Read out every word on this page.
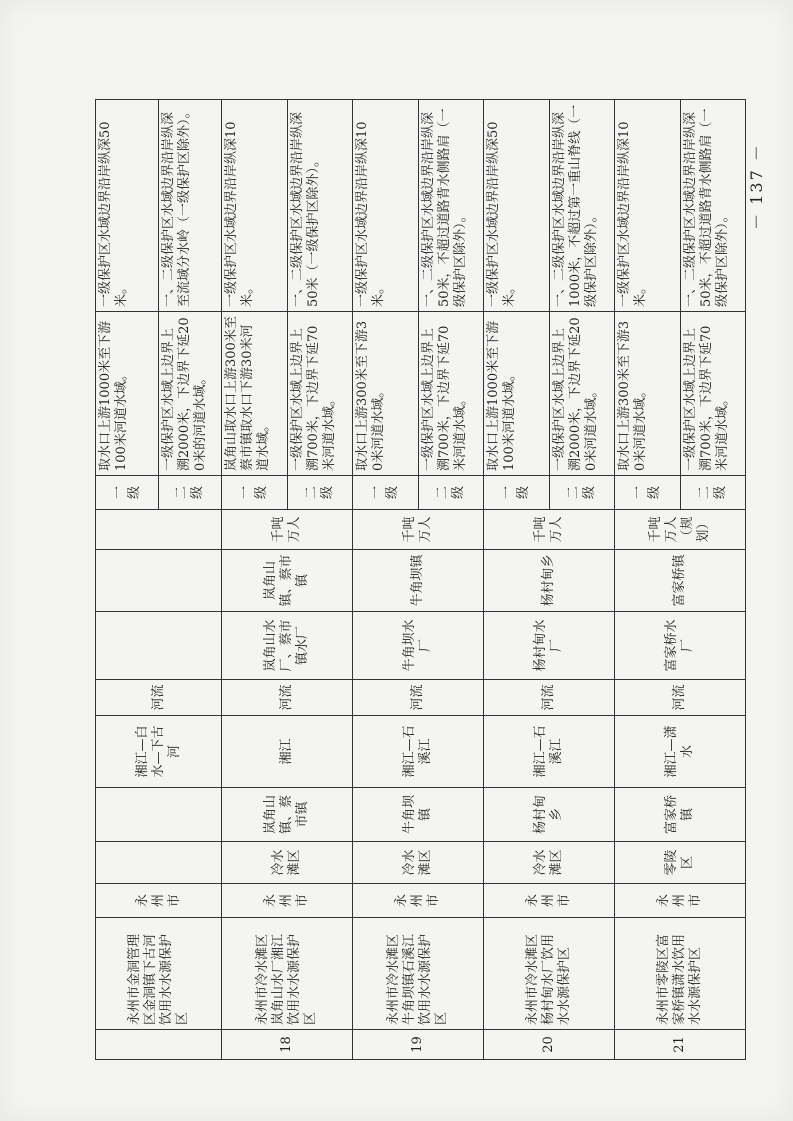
	永州市金洞管理区金洞镇下古河饮用水水源保护区	永州市			湘江—白水—下古河	河流				一级	取水口上游1000米至下游100米河道水域。	一级保护区水域边界沿岸纵深50米。
										二级	一级保护区水域上边界上溯2000米，下边界下延200米的河道水域。	一、二级保护区水域边界沿岸纵深至流域分水岭（一级保护区除外）。
18	永州市冷水滩区岚角山水厂湘江饮用水水源保护区	永州市	冷水滩区	岚角山镇、蔡市镇	湘江	河流	岚角山水厂、蔡市镇水厂	岚角山镇、蔡市镇	千吨万人	一级	岚角山取水口上游300米至蔡市镇取水口下游30米河道水域。	一级保护区水域边界沿岸纵深10米。
										二级	一级保护区水域上边界上溯700米，下边界下延70米河道水域。	一、二级保护区水域边界沿岸纵深50米（一级保护区除外）。
19	永州市冷水滩区牛角坝镇石溪江饮用水水源保护区	永州市	冷水滩区	牛角坝镇	湘江—石溪江	河流	牛角坝水厂	牛角坝镇	千吨万人	一级	取水口上游300米至下游30米河道水域。	一级保护区水域边界沿岸纵深10米。
										二级	一级保护区水域上边界上溯700米，下边界下延70米河道水域。	一、二级保护区水域边界沿岸纵深50米，不超过道路背水侧路肩（一级保护区除外）。
20	永州市冷水滩区杨村甸水厂饮用水水源保护区	永州市	冷水滩区	杨村甸乡	湘江—石溪江	河流	杨村甸水厂	杨村甸乡	千吨万人	一级	取水口上游1000米至下游100米河道水域。	一级保护区水域边界沿岸纵深50米。
										二级	一级保护区水域上边界上溯2000米，下边界下延200米河道水域。	一、二级保护区水域边界沿岸纵深1000米，不超过第一重山脊线（一级保护区除外）。
21	永州市零陵区富家桥镇潇水饮用水水源保护区	永州市	零陵区	富家桥镇	湘江—潇水	河流	富家桥水厂	富家桥镇	千吨万人（规划）	一级	取水口上游300米至下游30米河道水域。	一级保护区水域边界沿岸纵深10米。
										二级	一级保护区水域上边界上溯700米，下边界下延70米河道水域。	一、二级保护区水域边界沿岸纵深50米，不超过道路背水侧路肩（一级保护区除外）。
－ 137 －
